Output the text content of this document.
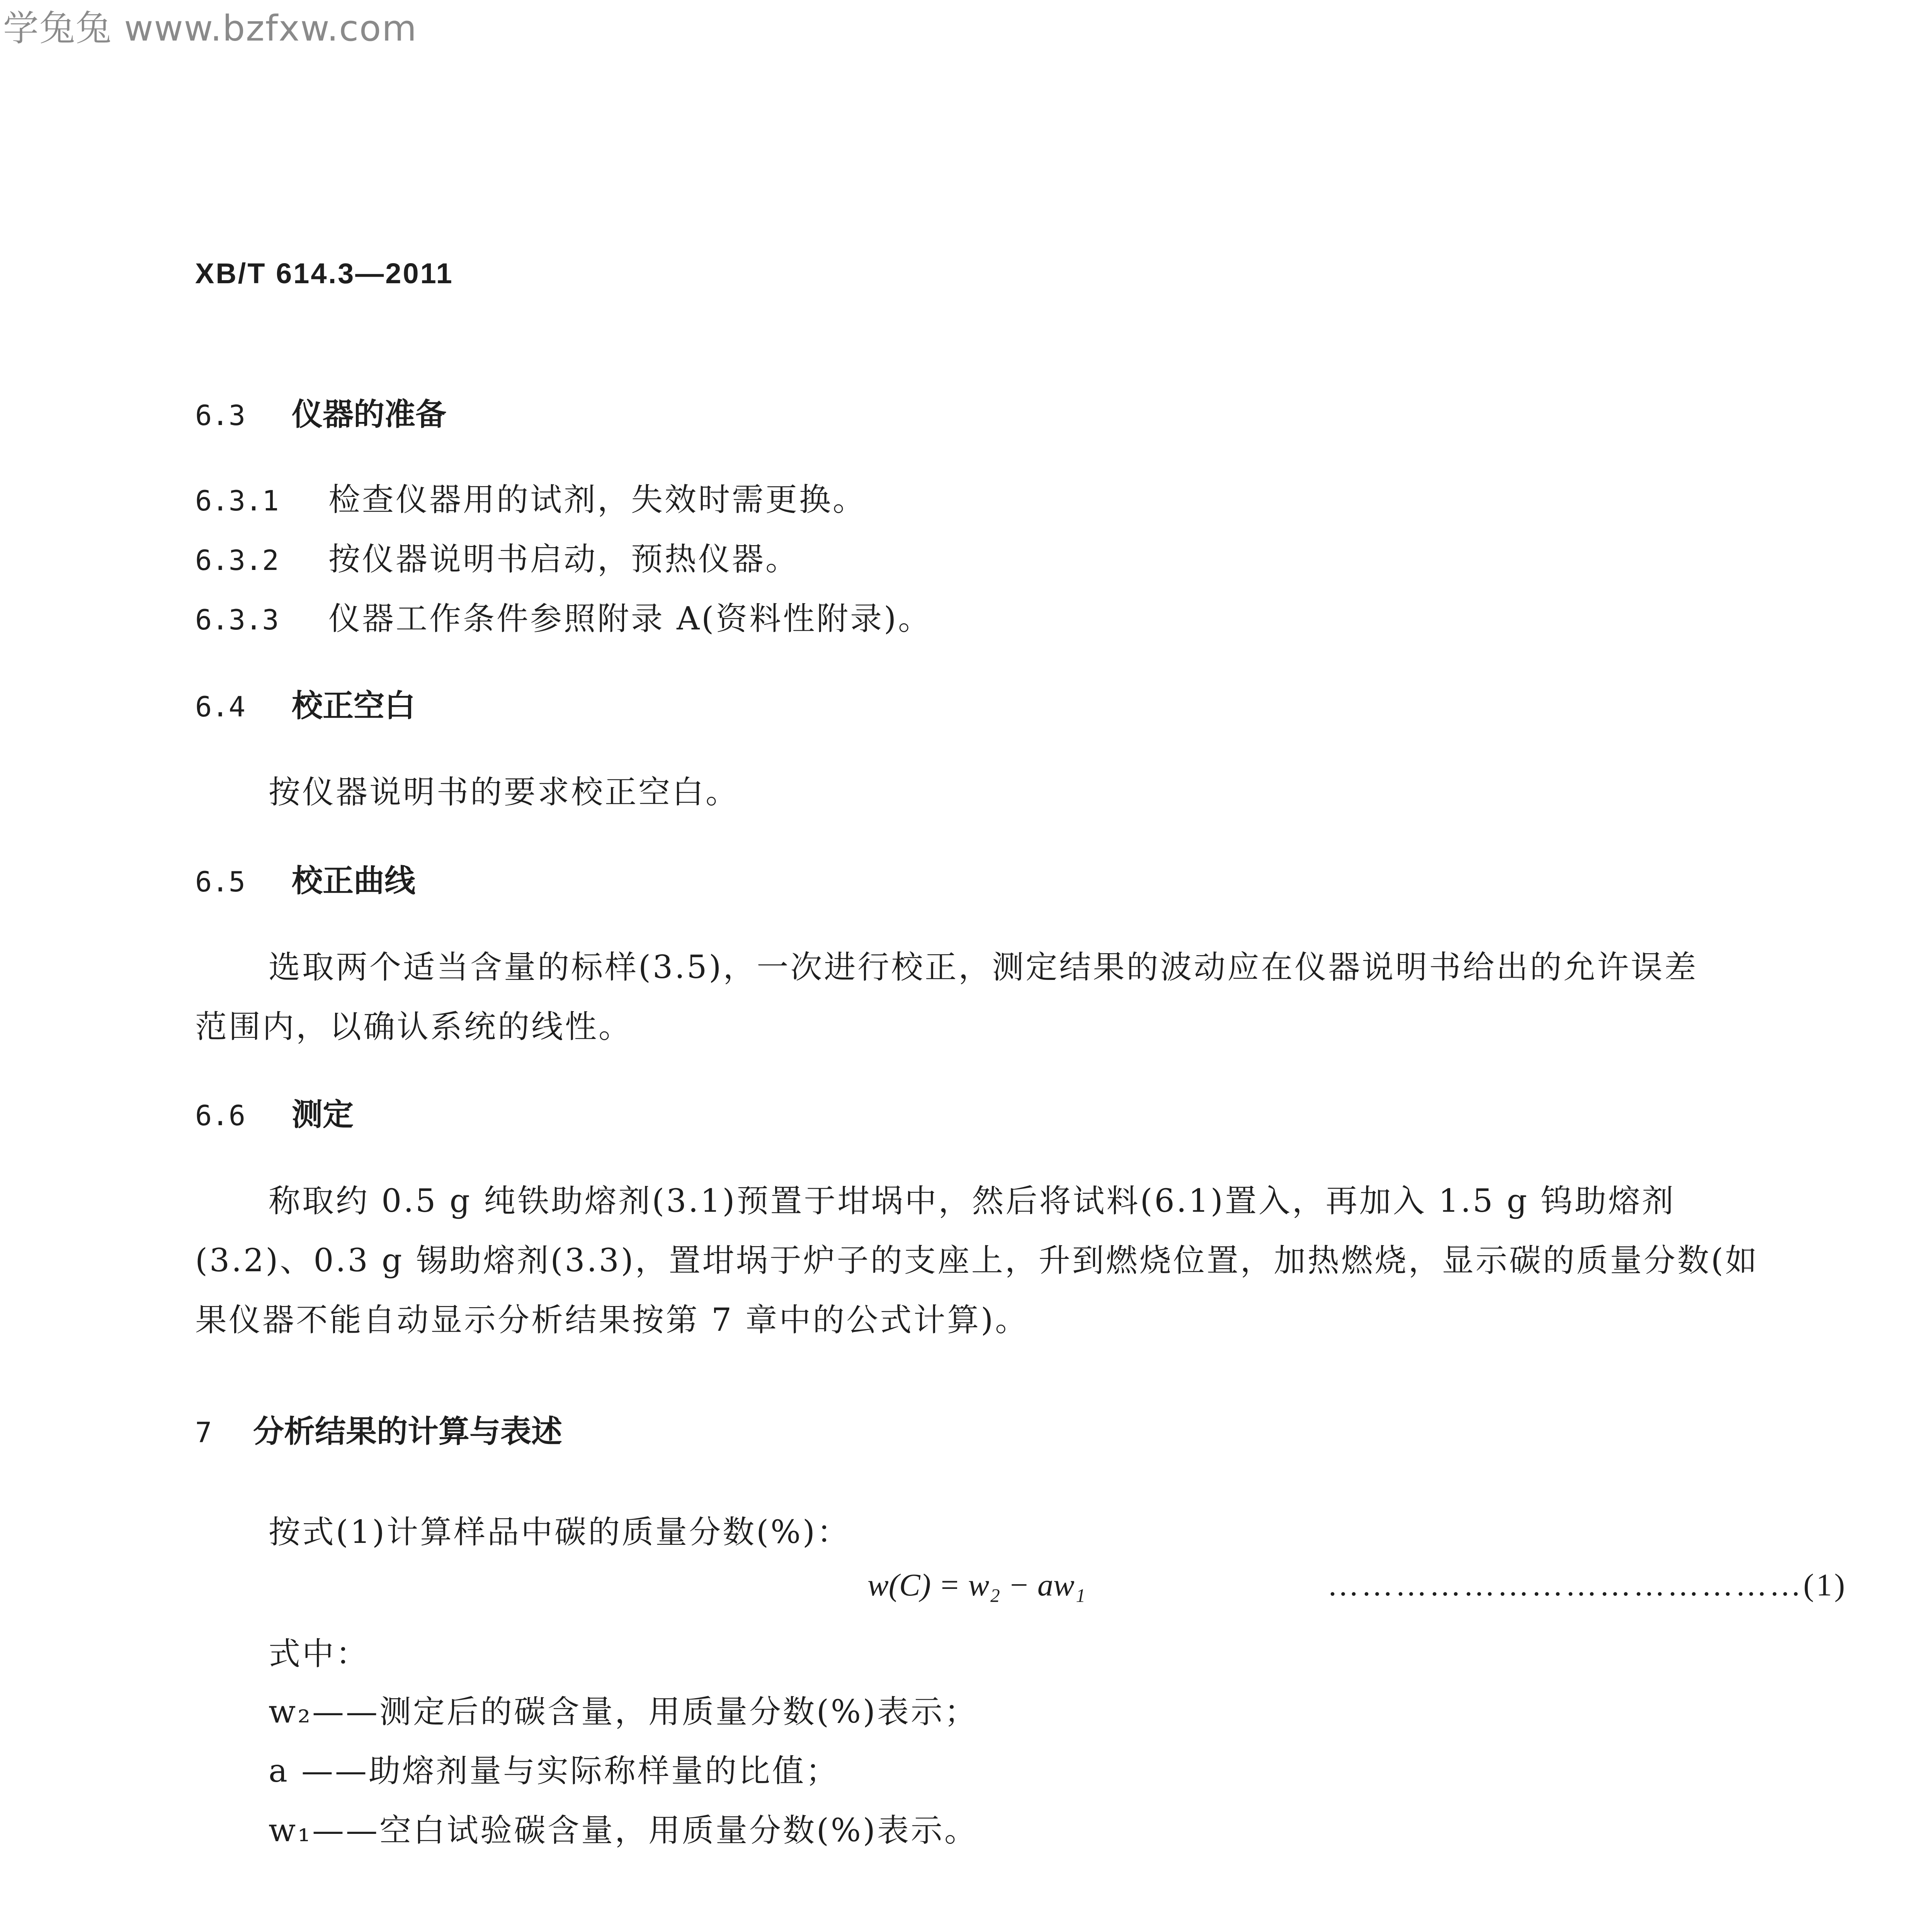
学兔兔 www.bzfxw.com
XB/T 614.3—2011
6.3 仪器的准备
6.3.1 检查仪器用的试剂，失效时需更换。
6.3.2 按仪器说明书启动，预热仪器。
6.3.3 仪器工作条件参照附录 A(资料性附录)。
6.4 校正空白
按仪器说明书的要求校正空白。
6.5 校正曲线
选取两个适当含量的标样(3.5)，一次进行校正，测定结果的波动应在仪器说明书给出的允许误差
范围内，以确认系统的线性。
6.6 测定
称取约 0.5 g 纯铁助熔剂(3.1)预置于坩埚中，然后将试料(6.1)置入，再加入 1.5 g 钨助熔剂
(3.2)、0.3 g 锡助熔剂(3.3)，置坩埚于炉子的支座上，升到燃烧位置，加热燃烧，显示碳的质量分数(如
果仪器不能自动显示分析结果按第 7 章中的公式计算)。
7 分析结果的计算与表述
按式(1)计算样品中碳的质量分数(%)：
w(C) = w₂ − aw₁	……………………………………(1)
式中：
w₂——测定后的碳含量，用质量分数(%)表示；
a ——助熔剂量与实际称样量的比值；
w₁——空白试验碳含量，用质量分数(%)表示。
